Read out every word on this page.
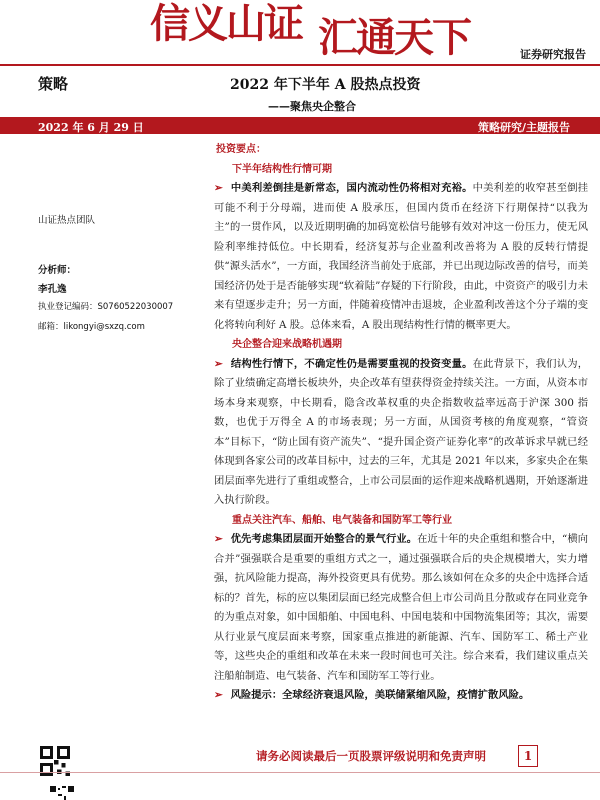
信义山证 汇通天下	证券研究报告
策略	2022 年下半年 A 股热点投资
——聚焦央企整合
2022 年 6 月 29 日	策略研究/主题报告
山证热点团队
分析师：
李孔逸
执业登记编码：S0760522030007
邮箱：likongyi@sxzq.com
投资要点：
下半年结构性行情可期
➢ 中美利差倒挂是新常态，国内流动性仍将相对充裕。中美利差的收窄甚至倒挂可能不利于分母端，进而使 A 股承压，但国内货币在经济下行期保持“以我为主”的一贯作风，以及近期明确的加码宽松信号能够有效对冲这一份压力，使无风险利率维持低位。中长期看，经济复苏与企业盈利改善将为 A 股的反转行情提供“源头活水”，一方面，我国经济当前处于底部，并已出现边际改善的信号，而美国经济仍处于是否能够实现“软着陆”存疑的下行阶段，由此，中资资产的吸引力未来有望逐步走升；另一方面，伴随着疫情冲击退坡，企业盈利改善这个分子端的变化将转向利好 A 股。总体来看，A 股出现结构性行情的概率更大。
央企整合迎来战略机遇期
➢ 结构性行情下，不确定性仍是需要重视的投资变量。在此背景下，我们认为，除了业绩确定高增长板块外，央企改革有望获得资金持续关注。一方面，从资本市场本身来观察，中长期看，隐含改革权重的央企指数收益率远高于沪深 300 指数，也优于万得全 A 的市场表现；另一方面，从国资考核的角度观察，“管资本”目标下，“防止国有资产流失”、“提升国企资产证券化率”的改革诉求早就已经体现到各家公司的改革目标中，过去的三年，尤其是 2021 年以来，多家央企在集团层面率先进行了重组或整合，上市公司层面的运作迎来战略机遇期，开始逐渐进入执行阶段。
重点关注汽车、船舶、电气装备和国防军工等行业
➢ 优先考虑集团层面开始整合的景气行业。在近十年的央企重组和整合中，“横向合并”强强联合是重要的重组方式之一，通过强强联合后的央企规模增大，实力增强，抗风险能力提高，海外投资更具有优势。那么该如何在众多的央企中选择合适标的？首先，标的应以集团层面已经完成整合但上市公司尚且分散或存在同业竞争的为重点对象，如中国船舶、中国电科、中国电装和中国物流集团等；其次，需要从行业景气度层面来考察，国家重点推进的新能源、汽车、国防军工、稀土产业等，这些央企的重组和改革在未来一段时间也可关注。综合来看，我们建议重点关注船舶制造、电气装备、汽车和国防军工等行业。
➢ 风险提示：全球经济衰退风险，美联储紧缩风险，疫情扩散风险。
请务必阅读最后一页股票评级说明和免责声明	1
